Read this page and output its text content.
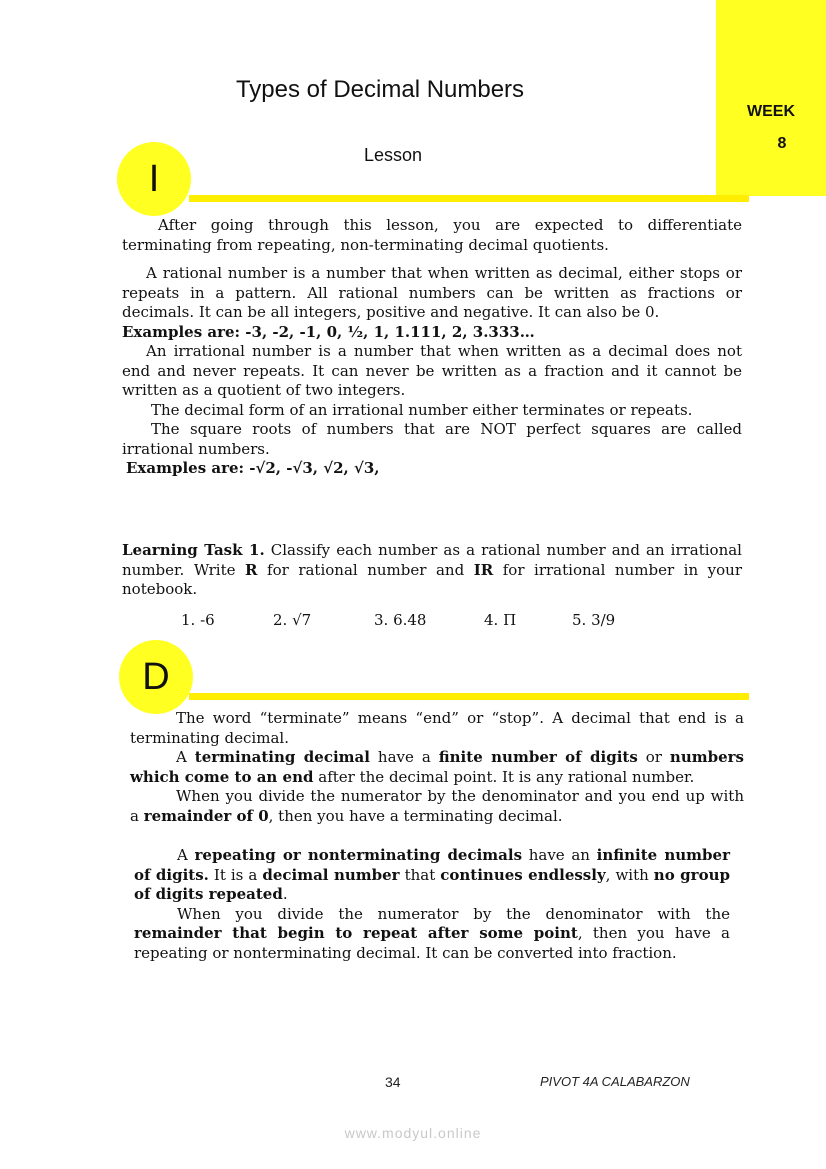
WEEK
8
Types of Decimal Numbers
I
Lesson

After going through this lesson, you are expected to differentiate terminating from repeating, non-terminating decimal quotients.

A rational number is a number that when written as decimal, either stops or repeats in a pattern. All rational numbers can be written as fractions or decimals. It can be all integers, positive and negative. It can also be 0.

Examples are: -3, -2, -1, 0, ½, 1, 1.111, 2, 3.333…

An irrational number is a number that when written as a decimal does not end and never repeats. It can never be written as a fraction and it cannot be written as a quotient of two integers.

The decimal form of an irrational number either terminates or repeats.

The square roots of numbers that are NOT perfect squares are called irrational numbers.

Examples are: -√2, -√3, √2, √3,

Learning Task 1. Classify each number as a rational number and an irrational number. Write R for rational number and IR for irrational number in your notebook.

1. -6	2. √7	3. 6.48	4. Π	5. 3/9
D

The word “terminate” means “end” or “stop”. A decimal that end is a terminating decimal.

A terminating decimal have a finite number of digits or numbers which come to an end after the decimal point. It is any rational number.

When you divide the numerator by the denominator and you end up with a remainder of 0, then you have a terminating decimal.

A repeating or nonterminating decimals have an infinite number of digits. It is a decimal number that continues endlessly, with no group of digits repeated.

When you divide the numerator by the denominator with the remainder that begin to repeat after some point, then you have a repeating or nonterminating decimal. It can be converted into fraction.

34	PIVOT 4A CALABARZON
www.modyul.online
